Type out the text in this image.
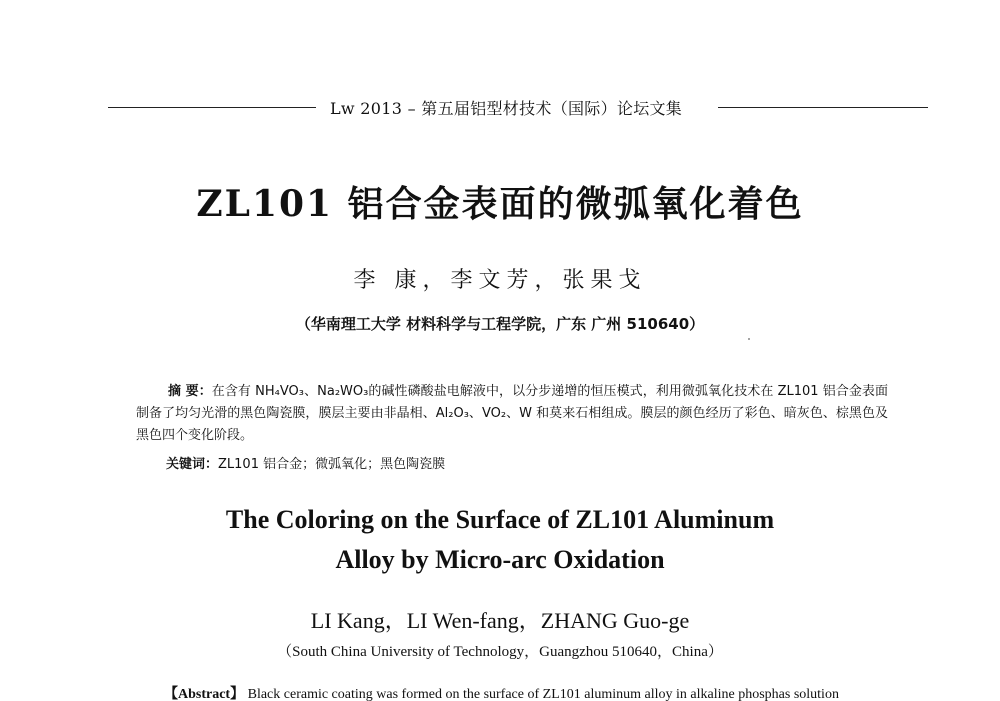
Lw 2013 – 第五届铝型材技术（国际）论坛文集
ZL101 铝合金表面的微弧氧化着色
李 康，李文芳，张果戈
（华南理工大学 材料科学与工程学院，广东 广州 510640）
摘 要：在含有 NH₄VO₃、Na₂WO₃的碱性磷酸盐电解液中，以分步递增的恒压模式，利用微弧氧化技术在 ZL101 铝合金表面制备了均匀光滑的黑色陶瓷膜，膜层主要由非晶相、Al₂O₃、VO₂、W 和莫来石相组成。膜层的颜色经历了彩色、暗灰色、棕黑色及黑色四个变化阶段。
关键词：ZL101 铝合金；微弧氧化；黑色陶瓷膜
The Coloring on the Surface of ZL101 Aluminum
Alloy by Micro-arc Oxidation
LI Kang，LI Wen-fang，ZHANG Guo-ge
（South China University of Technology，Guangzhou 510640，China）
【Abstract】 Black ceramic coating was formed on the surface of ZL101 aluminum alloy in alkaline phosphas solution
